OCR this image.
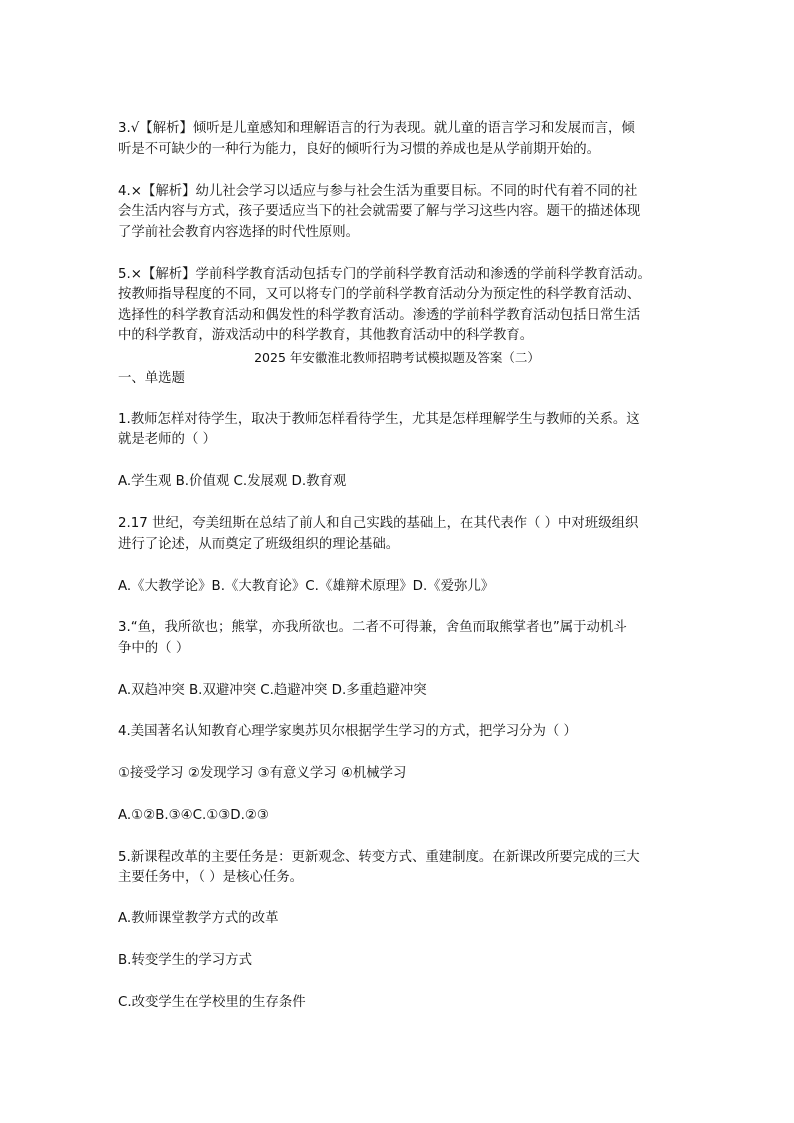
3.√【解析】倾听是儿童感知和理解语言的行为表现。就儿童的语言学习和发展而言，倾
听是不可缺少的一种行为能力，良好的倾听行为习惯的养成也是从学前期开始的。
4.×【解析】幼儿社会学习以适应与参与社会生活为重要目标。不同的时代有着不同的社
会生活内容与方式，孩子要适应当下的社会就需要了解与学习这些内容。题干的描述体现
了学前社会教育内容选择的时代性原则。
5.×【解析】学前科学教育活动包括专门的学前科学教育活动和渗透的学前科学教育活动。
按教师指导程度的不同，又可以将专门的学前科学教育活动分为预定性的科学教育活动、
选择性的科学教育活动和偶发性的科学教育活动。渗透的学前科学教育活动包括日常生活
中的科学教育，游戏活动中的科学教育，其他教育活动中的科学教育。
2025 年安徽淮北教师招聘考试模拟题及答案（二）
一、单选题
1.教师怎样对待学生，取决于教师怎样看待学生，尤其是怎样理解学生与教师的关系。这
就是老师的（ ）
A.学生观 B.价值观 C.发展观 D.教育观
2.17 世纪，夸美纽斯在总结了前人和自己实践的基础上，在其代表作（ ）中对班级组织
进行了论述，从而奠定了班级组织的理论基础。
A.《大教学论》B.《大教育论》C.《雄辩术原理》D.《爱弥儿》
3.“鱼，我所欲也；熊掌，亦我所欲也。二者不可得兼，舍鱼而取熊掌者也”属于动机斗
争中的（ ）
A.双趋冲突 B.双避冲突 C.趋避冲突 D.多重趋避冲突
4.美国著名认知教育心理学家奥苏贝尔根据学生学习的方式，把学习分为（ ）
①接受学习 ②发现学习 ③有意义学习 ④机械学习
A.①②B.③④C.①③D.②③
5.新课程改革的主要任务是：更新观念、转变方式、重建制度。在新课改所要完成的三大
主要任务中，（ ）是核心任务。
A.教师课堂教学方式的改革
B.转变学生的学习方式
C.改变学生在学校里的生存条件
